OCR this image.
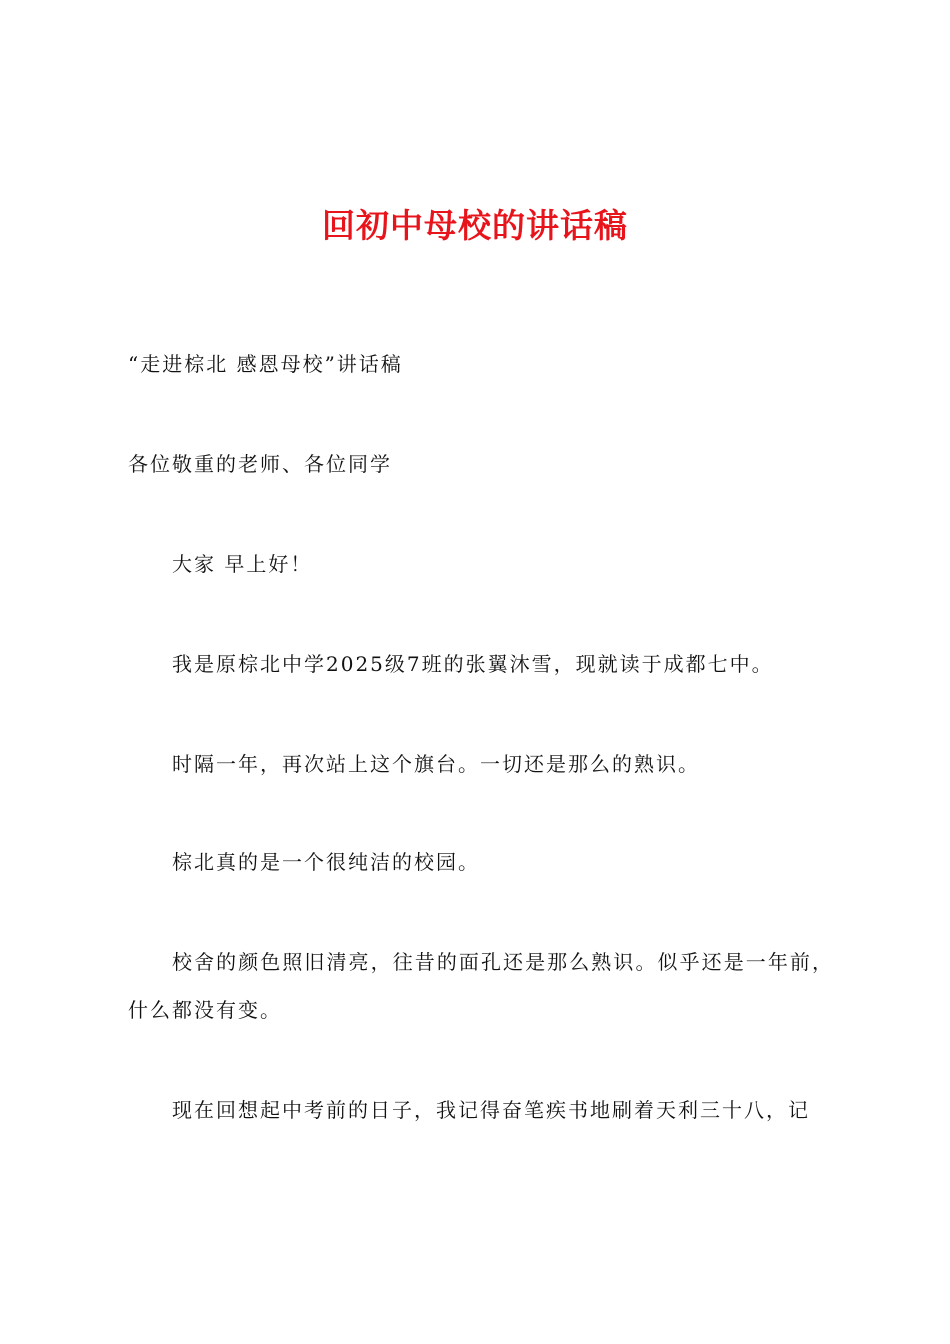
回初中母校的讲话稿

“走进棕北 感恩母校”讲话稿

各位敬重的老师、各位同学

大家 早上好！

我是原棕北中学2025级7班的张翼沐雪，现就读于成都七中。

时隔一年，再次站上这个旗台。一切还是那么的熟识。

棕北真的是一个很纯洁的校园。

校舍的颜色照旧清亮，往昔的面孔还是那么熟识。似乎还是一年前，什么都没有变。

现在回想起中考前的日子，我记得奋笔疾书地刷着天利三十八，记
